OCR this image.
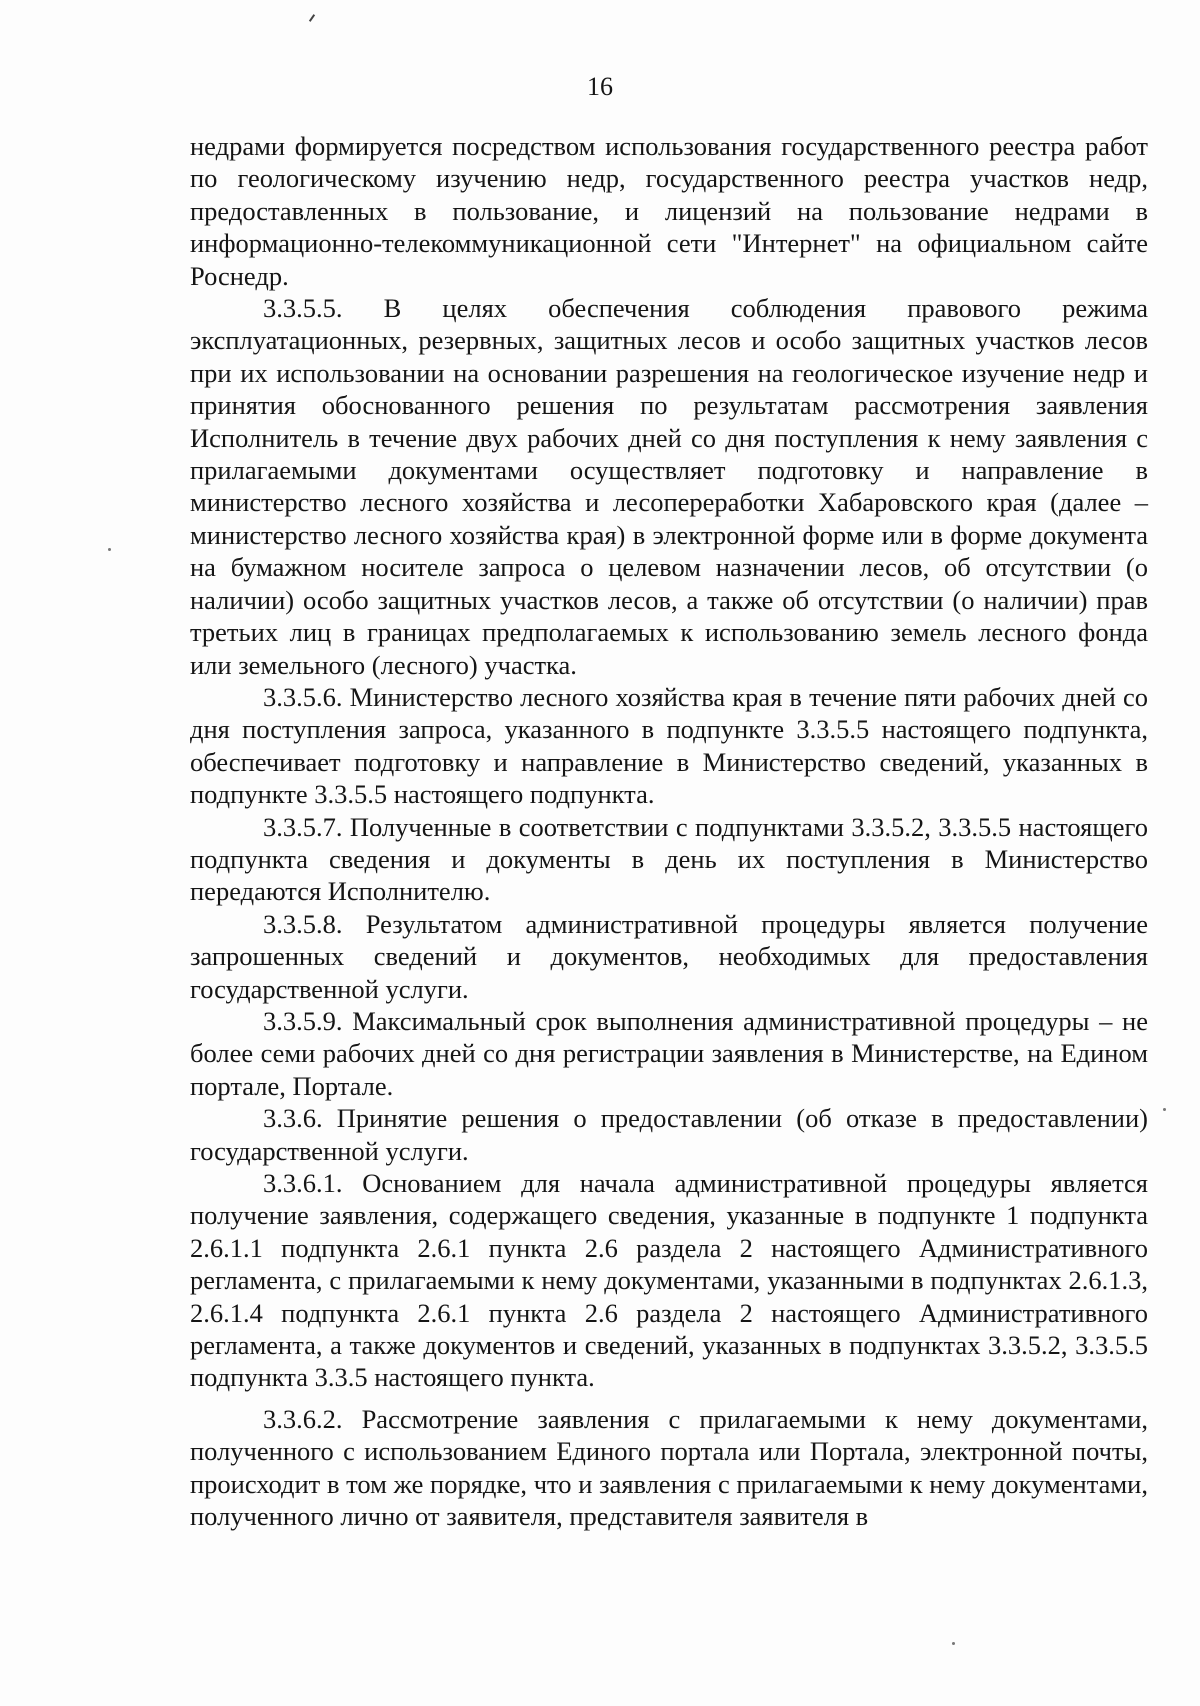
16

недрами формируется посредством использования государственного реестра работ по геологическому изучению недр, государственного реестра участков недр, предоставленных в пользование, и лицензий на пользование недрами в информационно-телекоммуникационной сети "Интернет" на официальном сайте Роснедр.

3.3.5.5. В целях обеспечения соблюдения правового режима эксплуатационных, резервных, защитных лесов и особо защитных участков лесов при их использовании на основании разрешения на геологическое изучение недр и принятия обоснованного решения по результатам рассмотрения заявления Исполнитель в течение двух рабочих дней со дня поступления к нему заявления с прилагаемыми документами осуществляет подготовку и направление в министерство лесного хозяйства и лесопереработки Хабаровского края (далее – министерство лесного хозяйства края) в электронной форме или в форме документа на бумажном носителе запроса о целевом назначении лесов, об отсутствии (о наличии) особо защитных участков лесов, а также об отсутствии (о наличии) прав третьих лиц в границах предполагаемых к использованию земель лесного фонда или земельного (лесного) участка.

3.3.5.6. Министерство лесного хозяйства края в течение пяти рабочих дней со дня поступления запроса, указанного в подпункте 3.3.5.5 настоящего подпункта, обеспечивает подготовку и направление в Министерство сведений, указанных в подпункте 3.3.5.5 настоящего подпункта.

3.3.5.7. Полученные в соответствии с подпунктами 3.3.5.2, 3.3.5.5 настоящего подпункта сведения и документы в день их поступления в Министерство передаются Исполнителю.

3.3.5.8. Результатом административной процедуры является получение запрошенных сведений и документов, необходимых для предоставления государственной услуги.

3.3.5.9. Максимальный срок выполнения административной процедуры – не более семи рабочих дней со дня регистрации заявления в Министерстве, на Едином портале, Портале.

3.3.6. Принятие решения о предоставлении (об отказе в предоставлении) государственной услуги.

3.3.6.1. Основанием для начала административной процедуры является получение заявления, содержащего сведения, указанные в подпункте 1 подпункта 2.6.1.1 подпункта 2.6.1 пункта 2.6 раздела 2 настоящего Административного регламента, с прилагаемыми к нему документами, указанными в подпунктах 2.6.1.3, 2.6.1.4 подпункта 2.6.1 пункта 2.6 раздела 2 настоящего Административного регламента, а также документов и сведений, указанных в подпунктах 3.3.5.2, 3.3.5.5 подпункта 3.3.5 настоящего пункта.

3.3.6.2. Рассмотрение заявления с прилагаемыми к нему документами, полученного с использованием Единого портала или Портала, электронной почты, происходит в том же порядке, что и заявления с прилагаемыми к нему документами, полученного лично от заявителя, представителя заявителя в
